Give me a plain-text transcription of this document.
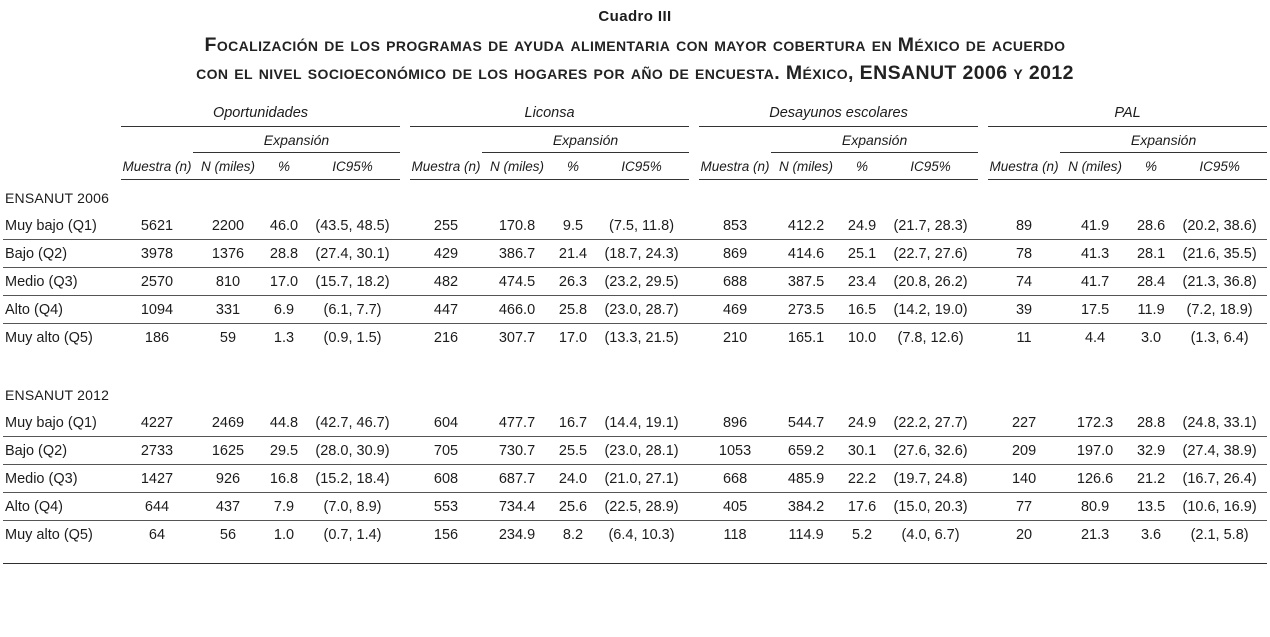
Cuadro III
Focalización de los programas de ayuda alimentaria con mayor cobertura en México de acuerdo
con el nivel socioeconómico de los hogares por año de encuesta. México, ENSANUT 2006 y 2012
	Oportunidades					Liconsa					Desayunos escolares					PAL			
		Expansión					Expansión					Expansión					Expansión		
	Muestra (n)	N (miles)	%	IC95%		Muestra (n)	N (miles)	%	IC95%		Muestra (n)	N (miles)	%	IC95%		Muestra (n)	N (miles)	%	IC95%
ENSANUT 2006																			
Muy bajo (Q1)	5621	2200	46.0	(43.5, 48.5)		255	170.8	9.5	(7.5, 11.8)		853	412.2	24.9	(21.7, 28.3)		89	41.9	28.6	(20.2, 38.6)
Bajo (Q2)	3978	1376	28.8	(27.4, 30.1)		429	386.7	21.4	(18.7, 24.3)		869	414.6	25.1	(22.7, 27.6)		78	41.3	28.1	(21.6, 35.5)
Medio (Q3)	2570	810	17.0	(15.7, 18.2)		482	474.5	26.3	(23.2, 29.5)		688	387.5	23.4	(20.8, 26.2)		74	41.7	28.4	(21.3, 36.8)
Alto (Q4)	1094	331	6.9	(6.1, 7.7)		447	466.0	25.8	(23.0, 28.7)		469	273.5	16.5	(14.2, 19.0)		39	17.5	11.9	(7.2, 18.9)
Muy alto (Q5)	186	59	1.3	(0.9, 1.5)		216	307.7	17.0	(13.3, 21.5)		210	165.1	10.0	(7.8, 12.6)		11	4.4	3.0	(1.3, 6.4)
ENSANUT 2012																			
Muy bajo (Q1)	4227	2469	44.8	(42.7, 46.7)		604	477.7	16.7	(14.4, 19.1)		896	544.7	24.9	(22.2, 27.7)		227	172.3	28.8	(24.8, 33.1)
Bajo (Q2)	2733	1625	29.5	(28.0, 30.9)		705	730.7	25.5	(23.0, 28.1)		1053	659.2	30.1	(27.6, 32.6)		209	197.0	32.9	(27.4, 38.9)
Medio (Q3)	1427	926	16.8	(15.2, 18.4)		608	687.7	24.0	(21.0, 27.1)		668	485.9	22.2	(19.7, 24.8)		140	126.6	21.2	(16.7, 26.4)
Alto (Q4)	644	437	7.9	(7.0, 8.9)		553	734.4	25.6	(22.5, 28.9)		405	384.2	17.6	(15.0, 20.3)		77	80.9	13.5	(10.6, 16.9)
Muy alto (Q5)	64	56	1.0	(0.7, 1.4)		156	234.9	8.2	(6.4, 10.3)		118	114.9	5.2	(4.0, 6.7)		20	21.3	3.6	(2.1, 5.8)
